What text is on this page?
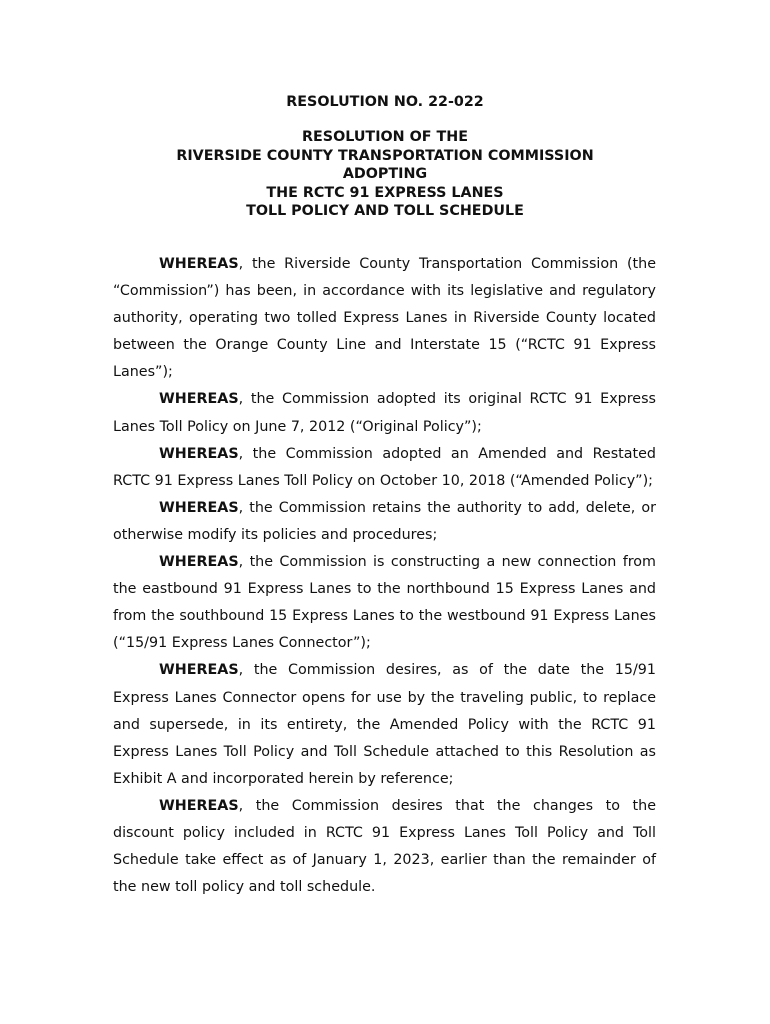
RESOLUTION NO. 22-022
RESOLUTION OF THE
RIVERSIDE COUNTY TRANSPORTATION COMMISSION
ADOPTING
THE RCTC 91 EXPRESS LANES
TOLL POLICY AND TOLL SCHEDULE

WHEREAS, the Riverside County Transportation Commission (the “Commission”) has been, in accordance with its legislative and regulatory authority, operating two tolled Express Lanes in Riverside County located between the Orange County Line and Interstate 15 (“RCTC 91 Express Lanes”);

WHEREAS, the Commission adopted its original RCTC 91 Express Lanes Toll Policy on June 7, 2012 (“Original Policy”);

WHEREAS, the Commission adopted an Amended and Restated RCTC 91 Express Lanes Toll Policy on October 10, 2018 (“Amended Policy”);

WHEREAS, the Commission retains the authority to add, delete, or otherwise modify its policies and procedures;

WHEREAS, the Commission is constructing a new connection from the eastbound 91 Express Lanes to the northbound 15 Express Lanes and from the southbound 15 Express Lanes to the westbound 91 Express Lanes (“15/91 Express Lanes Connector”);

WHEREAS, the Commission desires, as of the date the 15/91 Express Lanes Connector opens for use by the traveling public, to replace and supersede, in its entirety, the Amended Policy with the RCTC 91 Express Lanes Toll Policy and Toll Schedule attached to this Resolution as Exhibit A and incorporated herein by reference;

WHEREAS, the Commission desires that the changes to the discount policy included in RCTC 91 Express Lanes Toll Policy and Toll Schedule take effect as of January 1, 2023, earlier than the remainder of the new toll policy and toll schedule.
